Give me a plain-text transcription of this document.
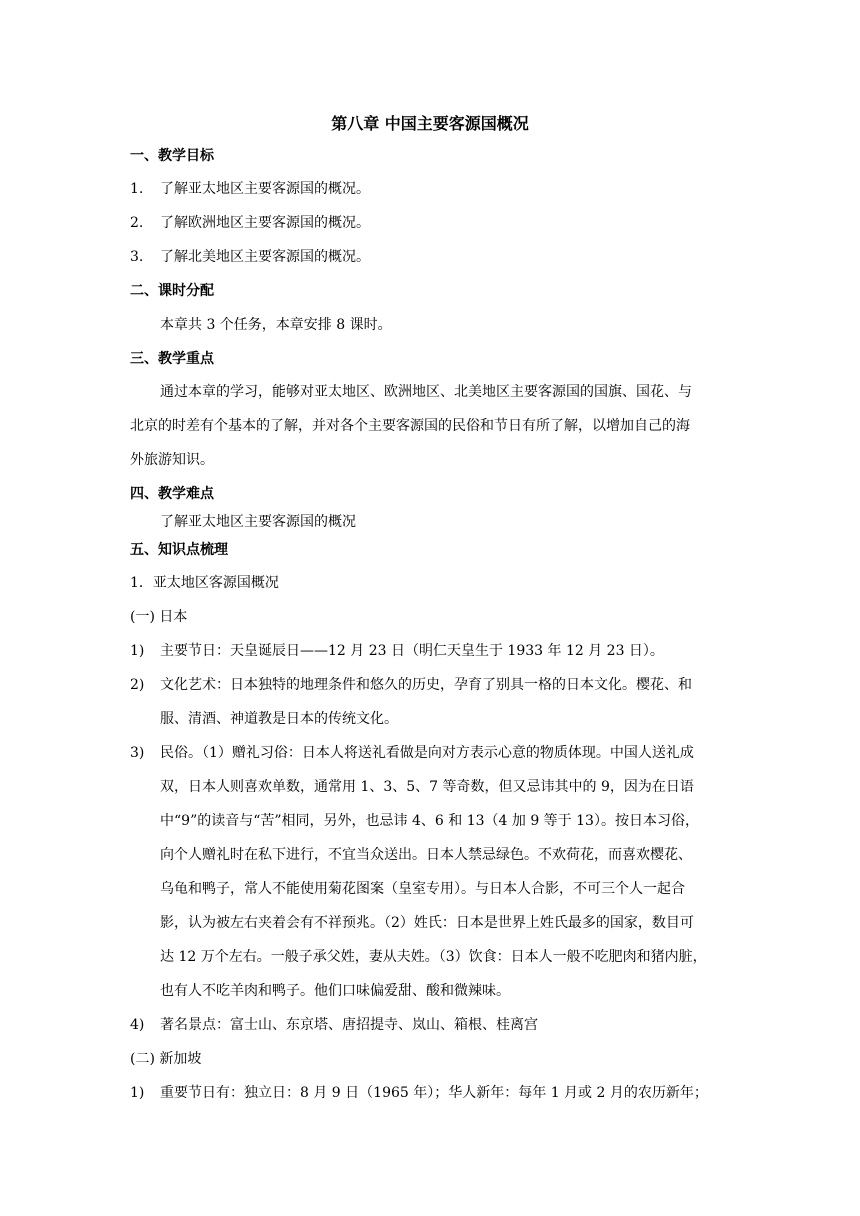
第八章 中国主要客源国概况
一、教学目标
1. 了解亚太地区主要客源国的概况。
2. 了解欧洲地区主要客源国的概况。
3. 了解北美地区主要客源国的概况。
二、课时分配
本章共 3 个任务，本章安排 8 课时。
三、教学重点
通过本章的学习，能够对亚太地区、欧洲地区、北美地区主要客源国的国旗、国花、与
北京的时差有个基本的了解，并对各个主要客源国的民俗和节日有所了解，以增加自己的海
外旅游知识。
四、教学难点
了解亚太地区主要客源国的概况
五、知识点梳理
1．亚太地区客源国概况
(一) 日本
1) 主要节日：天皇诞辰日——12 月 23 日（明仁天皇生于 1933 年 12 月 23 日）。
2) 文化艺术：日本独特的地理条件和悠久的历史，孕育了别具一格的日本文化。樱花、和
服、清酒、神道教是日本的传统文化。
3) 民俗。（1）赠礼习俗：日本人将送礼看做是向对方表示心意的物质体现。中国人送礼成
双，日本人则喜欢单数，通常用 1、3、5、7 等奇数，但又忌讳其中的 9，因为在日语
中“9”的读音与“苦”相同，另外，也忌讳 4、6 和 13（4 加 9 等于 13）。按日本习俗，
向个人赠礼时在私下进行，不宜当众送出。日本人禁忌绿色。不欢荷花，而喜欢樱花、
乌龟和鸭子，常人不能使用菊花图案（皇室专用）。与日本人合影，不可三个人一起合
影，认为被左右夹着会有不祥预兆。（2）姓氏：日本是世界上姓氏最多的国家，数目可
达 12 万个左右。一般子承父姓，妻从夫姓。（3）饮食：日本人一般不吃肥肉和猪内脏，
也有人不吃羊肉和鸭子。他们口味偏爱甜、酸和微辣味。
4) 著名景点：富士山、东京塔、唐招提寺、岚山、箱根、桂离宫
(二) 新加坡
1) 重要节日有：独立日：8 月 9 日（1965 年）；华人新年：每年 1 月或 2 月的农历新年；
